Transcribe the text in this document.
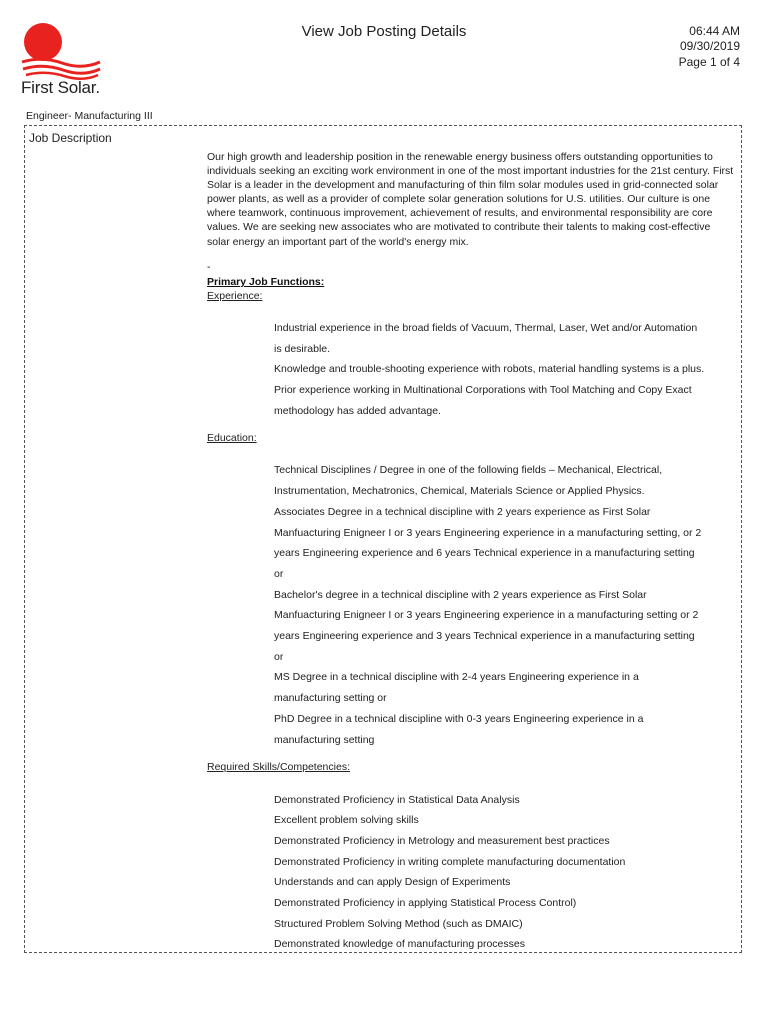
First Solar.
View Job Posting Details	06:44 AM
09/30/2019
Page 1 of 4
Engineer- Manufacturing III
Job Description

Our high growth and leadership position in the renewable energy business offers outstanding opportunities to individuals seeking an exciting work environment in one of the most important industries for the 21st century. First Solar is a leader in the development and manufacturing of thin film solar modules used in grid-connected solar power plants, as well as a provider of complete solar generation solutions for U.S. utilities. Our culture is one where teamwork, continuous improvement, achievement of results, and environmental responsibility are core values. We are seeking new associates who are motivated to contribute their talents to making cost-effective solar energy an important part of the world's energy mix.

-
Primary Job Functions:
Experience:
Industrial experience in the broad fields of Vacuum, Thermal, Laser, Wet and/or Automation
is desirable.
Knowledge and trouble-shooting experience with robots, material handling systems is a plus.
Prior experience working in Multinational Corporations with Tool Matching and Copy Exact
methodology has added advantage.
Education:
Technical Disciplines / Degree in one of the following fields – Mechanical, Electrical,
Instrumentation, Mechatronics, Chemical, Materials Science or Applied Physics.
Associates Degree in a technical discipline with 2 years experience as First Solar
Manfuacturing Enigneer I or 3 years Engineering experience in a manufacturing setting, or 2
years Engineering experience and 6 years Technical experience in a manufacturing setting
or
Bachelor's degree in a technical discipline with 2 years experience as First Solar
Manfuacturing Enigneer I or 3 years Engineering experience in a manufacturing setting or 2
years Engineering experience and 3 years Technical experience in a manufacturing setting
or
MS Degree in a technical discipline with 2-4 years Engineering experience in a
manufacturing setting or
PhD Degree in a technical discipline with 0-3 years Engineering experience in a
manufacturing setting
Required Skills/Competencies:
Demonstrated Proficiency in Statistical Data Analysis
Excellent problem solving skills
Demonstrated Proficiency in Metrology and measurement best practices
Demonstrated Proficiency in writing complete manufacturing documentation
Understands and can apply Design of Experiments
Demonstrated Proficiency in applying Statistical Process Control)
Structured Problem Solving Method (such as DMAIC)
Demonstrated knowledge of manufacturing processes
